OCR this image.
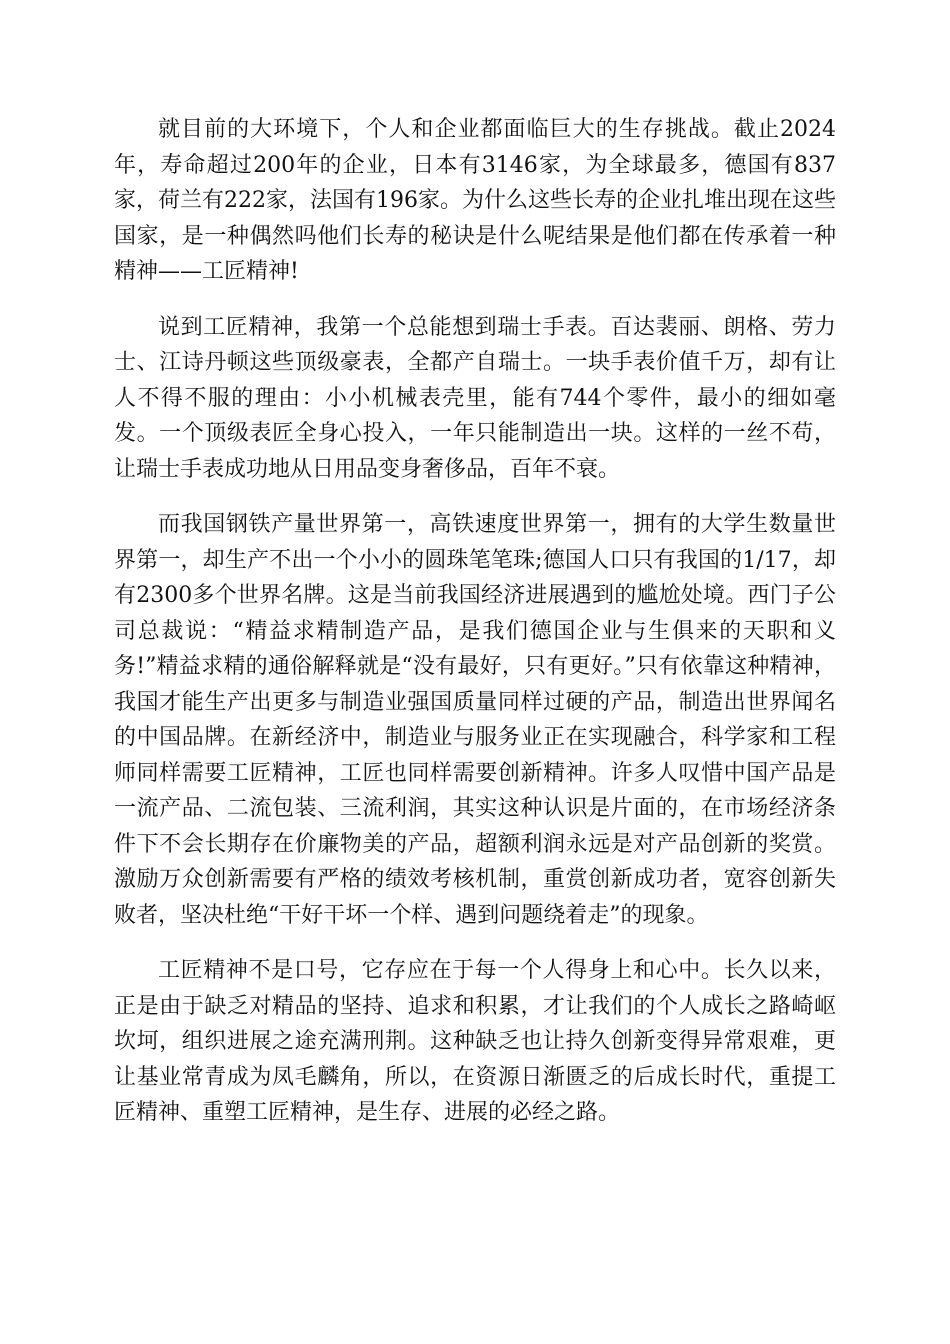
就目前的大环境下，个人和企业都面临巨大的生存挑战。截止2024年，寿命超过200年的企业，日本有3146家，为全球最多，德国有837家，荷兰有222家，法国有196家。为什么这些长寿的企业扎堆出现在这些国家，是一种偶然吗他们长寿的秘诀是什么呢结果是他们都在传承着一种精神——工匠精神!

说到工匠精神，我第一个总能想到瑞士手表。百达裴丽、朗格、劳力士、江诗丹顿这些顶级豪表，全都产自瑞士。一块手表价值千万，却有让人不得不服的理由：小小机械表壳里，能有744个零件，最小的细如毫发。一个顶级表匠全身心投入，一年只能制造出一块。这样的一丝不苟，让瑞士手表成功地从日用品变身奢侈品，百年不衰。

而我国钢铁产量世界第一，高铁速度世界第一，拥有的大学生数量世界第一，却生产不出一个小小的圆珠笔笔珠;德国人口只有我国的1/17，却有2300多个世界名牌。这是当前我国经济进展遇到的尴尬处境。西门子公司总裁说：“精益求精制造产品，是我们德国企业与生俱来的天职和义务!”精益求精的通俗解释就是“没有最好，只有更好。”只有依靠这种精神，我国才能生产出更多与制造业强国质量同样过硬的产品，制造出世界闻名的中国品牌。在新经济中，制造业与服务业正在实现融合，科学家和工程师同样需要工匠精神，工匠也同样需要创新精神。许多人叹惜中国产品是一流产品、二流包装、三流利润，其实这种认识是片面的，在市场经济条件下不会长期存在价廉物美的产品，超额利润永远是对产品创新的奖赏。激励万众创新需要有严格的绩效考核机制，重赏创新成功者，宽容创新失败者，坚决杜绝“干好干坏一个样、遇到问题绕着走”的现象。

工匠精神不是口号，它存应在于每一个人得身上和心中。长久以来，正是由于缺乏对精品的坚持、追求和积累，才让我们的个人成长之路崎岖坎坷，组织进展之途充满刑荆。这种缺乏也让持久创新变得异常艰难，更让基业常青成为凤毛麟角，所以，在资源日渐匮乏的后成长时代，重提工匠精神、重塑工匠精神，是生存、进展的必经之路。
